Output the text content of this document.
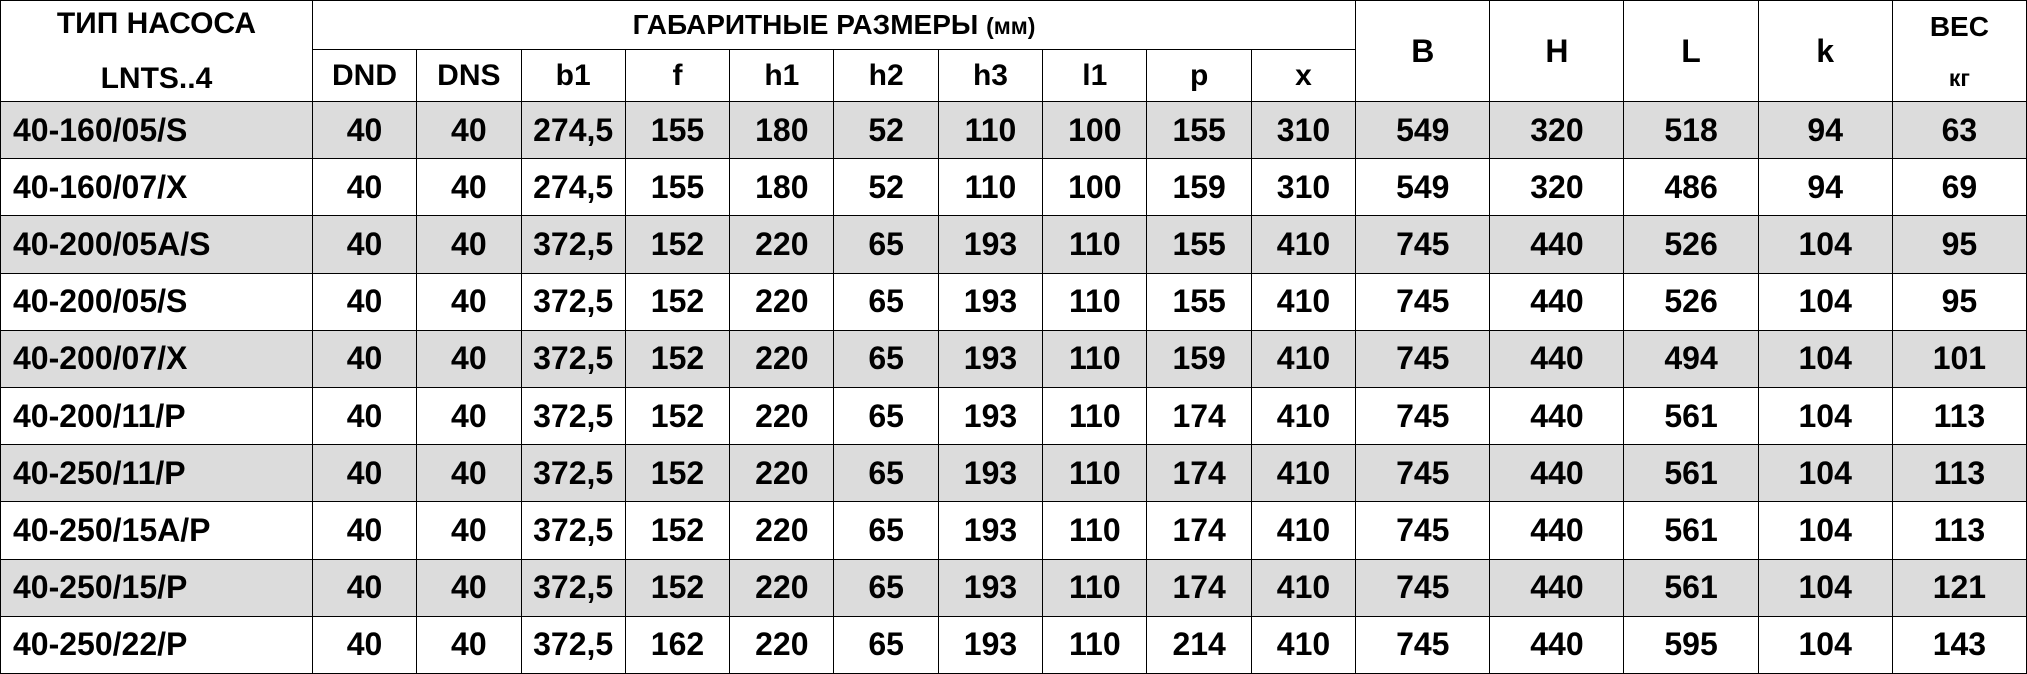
ТИП НАСОСА
LNTS..4	ГАБАРИТНЫЕ РАЗМЕРЫ (мм)										B	H	L	k	ВЕС
кг

	DND	DNS	b1	f	h1	h2	h3	l1	p	x					
40-160/05/S	40	40	274,5	155	180	52	110	100	155	310	549	320	518	94	63
40-160/07/X	40	40	274,5	155	180	52	110	100	159	310	549	320	486	94	69
40-200/05A/S	40	40	372,5	152	220	65	193	110	155	410	745	440	526	104	95
40-200/05/S	40	40	372,5	152	220	65	193	110	155	410	745	440	526	104	95
40-200/07/X	40	40	372,5	152	220	65	193	110	159	410	745	440	494	104	101
40-200/11/P	40	40	372,5	152	220	65	193	110	174	410	745	440	561	104	113
40-250/11/P	40	40	372,5	152	220	65	193	110	174	410	745	440	561	104	113
40-250/15A/P	40	40	372,5	152	220	65	193	110	174	410	745	440	561	104	113
40-250/15/P	40	40	372,5	152	220	65	193	110	174	410	745	440	561	104	121
40-250/22/P	40	40	372,5	162	220	65	193	110	214	410	745	440	595	104	143
